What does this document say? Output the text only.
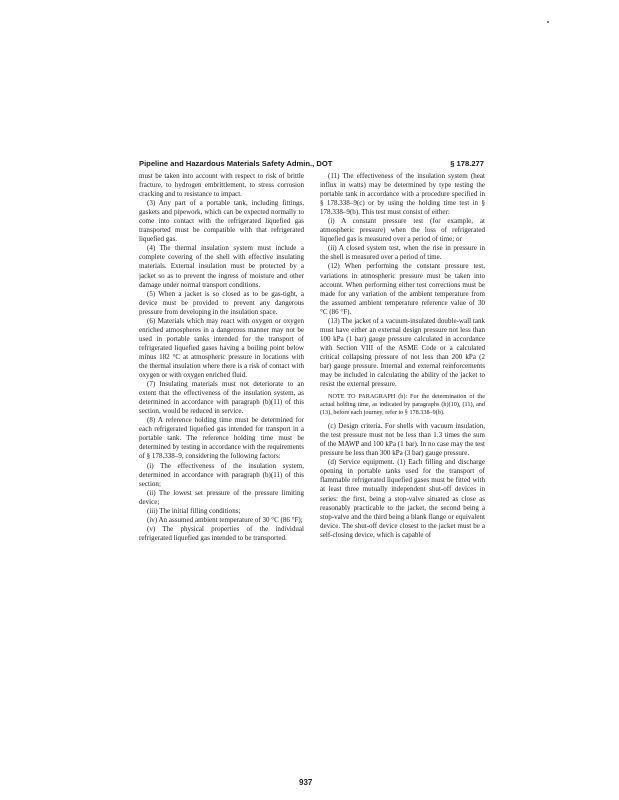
Pipeline and Hazardous Materials Safety Admin., DOT	§ 178.277

must be taken into account with respect to risk of brittle fracture, to hydrogen embrittlement, to stress corrosion cracking and to resistance to impact.

(3) Any part of a portable tank, including fittings, gaskets and pipework, which can be expected normally to come into contact with the refrigerated liquefied gas transported must be compatible with that refrigerated liquefied gas.

(4) The thermal insulation system must include a complete covering of the shell with effective insulating materials. External insulation must be protected by a jacket so as to prevent the ingress of moisture and other damage under normal transport conditions.

(5) When a jacket is so closed as to be gas-tight, a device must be provided to prevent any dangerous pressure from developing in the insulation space.

(6) Materials which may react with oxygen or oxygen enriched atmospheres in a dangerous manner may not be used in portable tanks intended for the transport of refrigerated liquefied gases having a boiling point below minus 182 °C at atmospheric pressure in locations with the thermal insulation where there is a risk of contact with oxygen or with oxygen enriched fluid.

(7) Insulating materials must not deteriorate to an extent that the effectiveness of the insulation system, as determined in accordance with paragraph (b)(11) of this section, would be reduced in service.

(8) A reference holding time must be determined for each refrigerated liquefied gas intended for transport in a portable tank. The reference holding time must be determined by testing in accordance with the requirements of § 178.338–9, considering the following factors:

(i) The effectiveness of the insulation system, determined in accordance with paragraph (b)(11) of this section;

(ii) The lowest set pressure of the pressure limiting device;

(iii) The initial filling conditions;

(iv) An assumed ambient temperature of 30 °C (86 °F);

(v) The physical properties of the individual refrigerated liquefied gas intended to be transported.

(11) The effectiveness of the insulation system (heat influx in watts) may be determined by type testing the portable tank in accordance with a procedure specified in § 178.338–9(c) or by using the holding time test in § 178.338–9(b). This test must consist of either:

(i) A constant pressure test (for example, at atmospheric pressure) when the loss of refrigerated liquefied gas is measured over a period of time; or

(ii) A closed system test, when the rise in pressure in the shell is measured over a period of time.

(12) When performing the constant pressure test, variations in atmospheric pressure must be taken into account. When performing either test corrections must be made for any variation of the ambient temperature from the assumed ambient temperature reference value of 30 °C (86 °F).

(13) The jacket of a vacuum-insulated double-wall tank must have either an external design pressure not less than 100 kPa (1 bar) gauge pressure calculated in accordance with Section VIII of the ASME Code or a calculated critical collapsing pressure of not less than 200 kPa (2 bar) gauge pressure. Internal and external reinforcements may be included in calculating the ability of the jacket to resist the external pressure.

NOTE TO PARAGRAPH (b): For the determination of the actual holding time, as indicated by paragraphs (h)(10), (11), and (13), before each journey, refer to § 178.338–9(b).

(c) Design criteria. For shells with vacuum insulation, the test pressure must not be less than 1.3 times the sum of the MAWP and 100 kPa (1 bar). In no case may the test pressure be less than 300 kPa (3 bar) gauge pressure.

(d) Service equipment. (1) Each filling and discharge opening in portable tanks used for the transport of flammable refrigerated liquefied gases must be fitted with at least three mutually independent shut-off devices in series: the first, being a stop-valve situated as close as reasonably practicable to the jacket, the second being a stop-valve and the third being a blank flange or equivalent device. The shut-off device closest to the jacket must be a self-closing device, which is capable of

937
